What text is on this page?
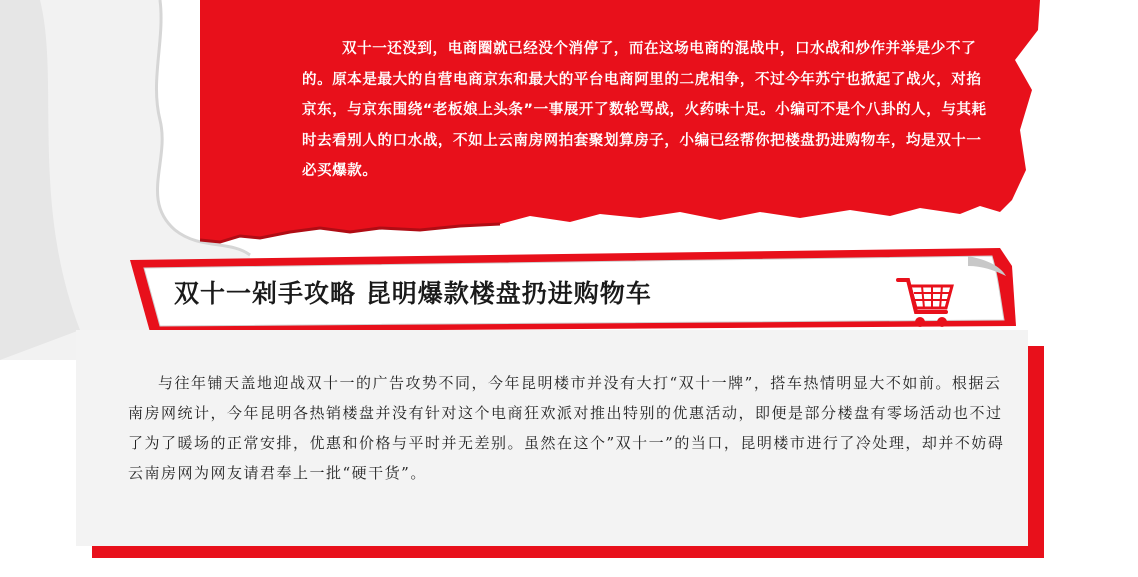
双十一还没到，电商圈就已经没个消停了，而在这场电商的混战中，口水战和炒作并举是少不了的。原本是最大的自营电商京东和最大的平台电商阿里的二虎相争，不过今年苏宁也掀起了战火，对掐京东，与京东围绕“老板娘上头条”一事展开了数轮骂战，火药味十足。小编可不是个八卦的人，与其耗时去看别人的口水战，不如上云南房网拍套聚划算房子，小编已经帮你把楼盘扔进购物车，均是双十一必买爆款。

双十一剁手攻略 昆明爆款楼盘扔进购物车

与往年铺天盖地迎战双十一的广告攻势不同，今年昆明楼市并没有大打“双十一牌”，搭车热情明显大不如前。根据云南房网统计，今年昆明各热销楼盘并没有针对这个电商狂欢派对推出特别的优惠活动，即便是部分楼盘有零场活动也不过了为了暖场的正常安排，优惠和价格与平时并无差别。虽然在这个”双十一”的当口，昆明楼市进行了冷处理，却并不妨碍云南房网为网友请君奉上一批“硬干货”。
